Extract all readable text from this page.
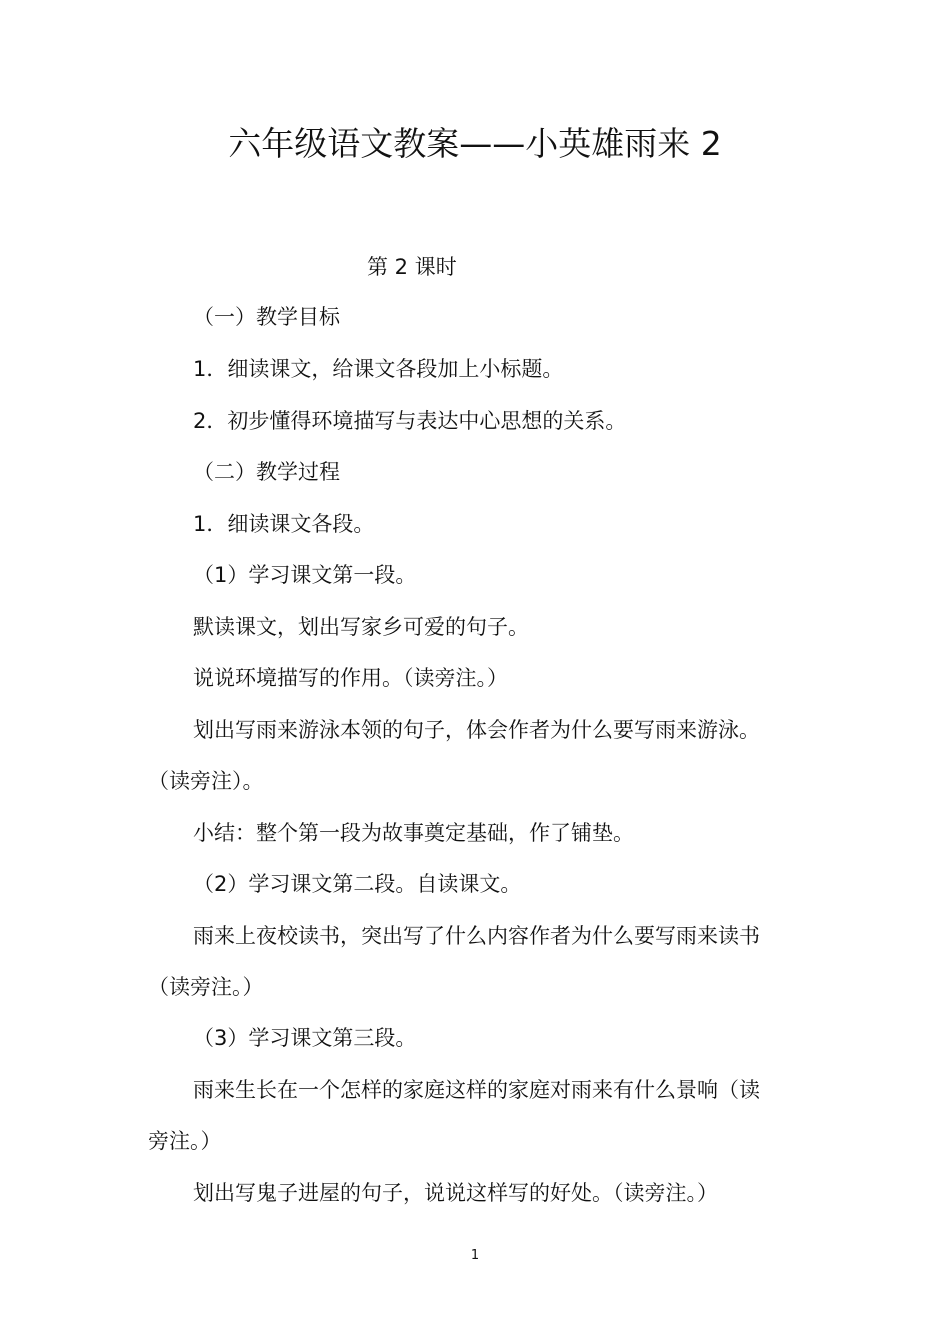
六年级语文教案——小英雄雨来 2
第 2 课时
（一）教学目标
1．细读课文，给课文各段加上小标题。
2．初步懂得环境描写与表达中心思想的关系。
（二）教学过程
1．细读课文各段。
（1）学习课文第一段。
默读课文，划出写家乡可爱的句子。
说说环境描写的作用。（读旁注。）
划出写雨来游泳本领的句子，体会作者为什么要写雨来游泳。
（读旁注）。
小结：整个第一段为故事奠定基础，作了铺垫。
（2）学习课文第二段。自读课文。
雨来上夜校读书，突出写了什么内容作者为什么要写雨来读书
（读旁注。）
（3）学习课文第三段。
雨来生长在一个怎样的家庭这样的家庭对雨来有什么景响（读
旁注。）
划出写鬼子进屋的句子，说说这样写的好处。（读旁注。）
1
